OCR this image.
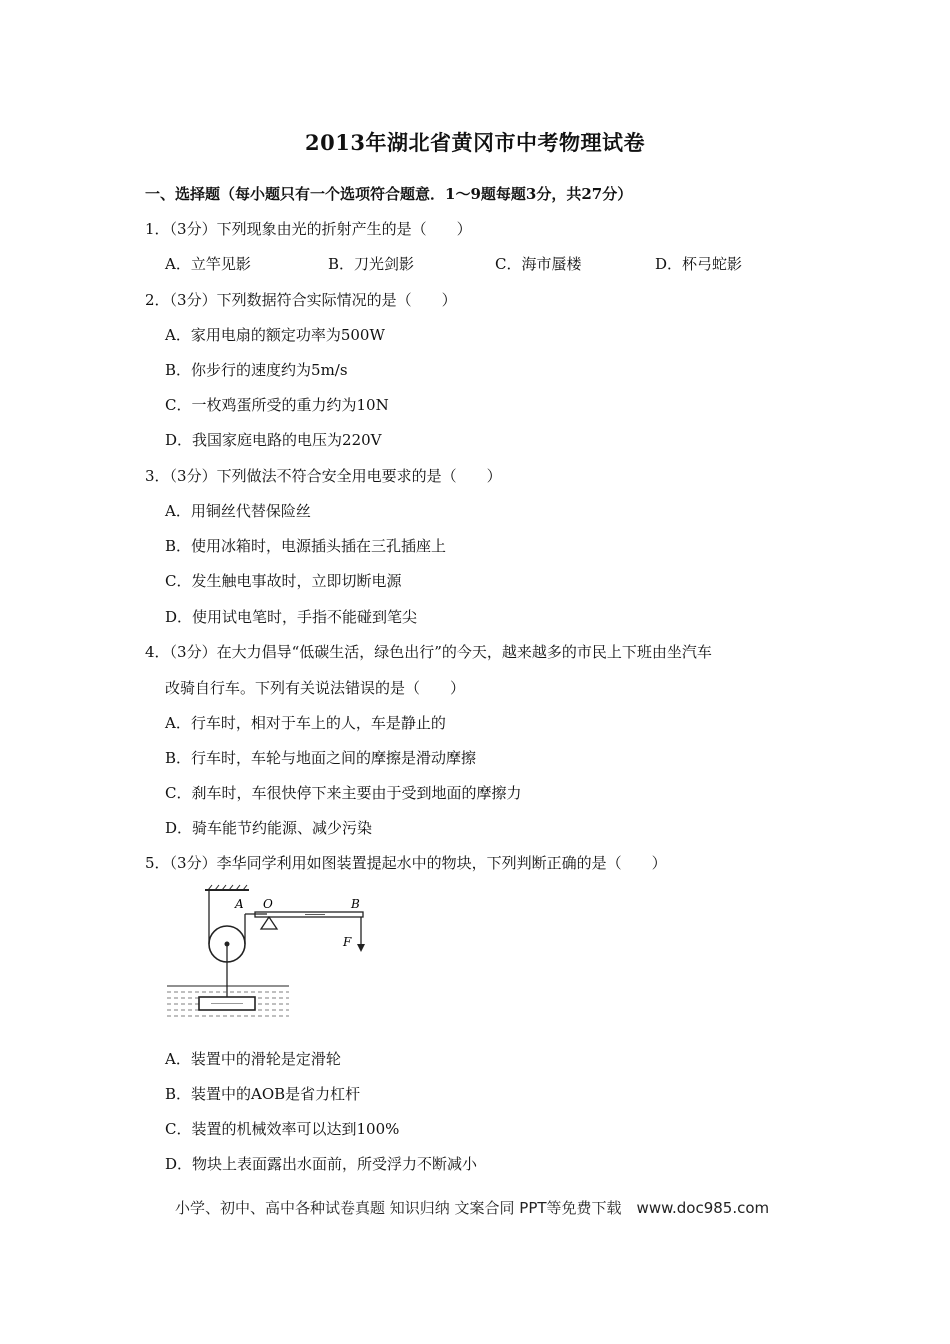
2013年湖北省黄冈市中考物理试卷
一、选择题（每小题只有一个选项符合题意．1～9题每题3分，共27分）
1．（3分）下列现象由光的折射产生的是（　　）
A．立竿见影	B．刀光剑影	C．海市蜃楼	D．杯弓蛇影
2．（3分）下列数据符合实际情况的是（　　）
A．家用电扇的额定功率为500W
B．你步行的速度约为5m/s
C．一枚鸡蛋所受的重力约为10N
D．我国家庭电路的电压为220V
3．（3分）下列做法不符合安全用电要求的是（　　）
A．用铜丝代替保险丝
B．使用冰箱时，电源插头插在三孔插座上
C．发生触电事故时，立即切断电源
D．使用试电笔时，手指不能碰到笔尖
4．（3分）在大力倡导“低碳生活，绿色出行”的今天，越来越多的市民上下班由坐汽车
改骑自行车。下列有关说法错误的是（　　）
A．行车时，相对于车上的人，车是静止的
B．行车时，车轮与地面之间的摩擦是滑动摩擦
C．刹车时，车很快停下来主要由于受到地面的摩擦力
D．骑车能节约能源、减少污染
5．（3分）李华同学利用如图装置提起水中的物块，下列判断正确的是（　　）
A O	B
F
A．装置中的滑轮是定滑轮
B．装置中的AOB是省力杠杆
C．装置的机械效率可以达到100%
D．物块上表面露出水面前，所受浮力不断减小
小学、初中、高中各种试卷真题 知识归纳 文案合同 PPT等免费下载　www.doc985.com
